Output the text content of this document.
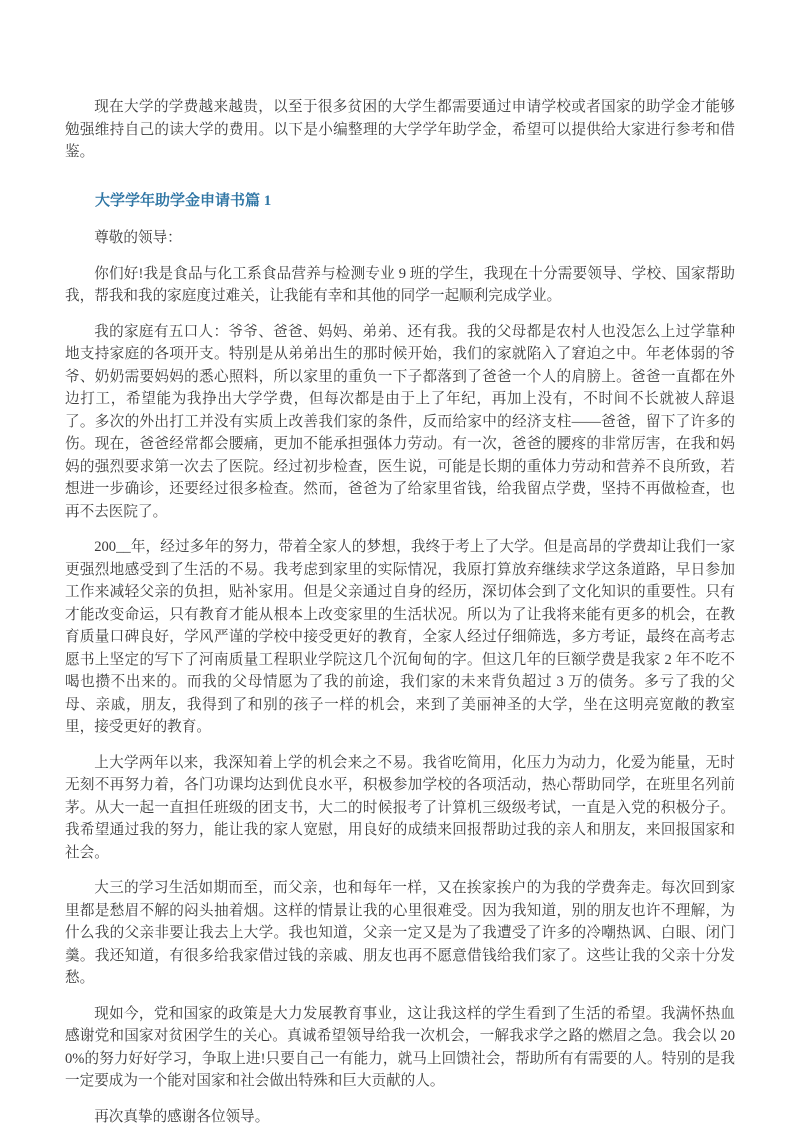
现在大学的学费越来越贵，以至于很多贫困的大学生都需要通过申请学校或者国家的助学金才能够勉强维持自己的读大学的费用。以下是小编整理的大学学年助学金，希望可以提供给大家进行参考和借鉴。

大学学年助学金申请书篇 1

尊敬的领导：

你们好!我是食品与化工系食品营养与检测专业 9 班的学生，我现在十分需要领导、学校、国家帮助我，帮我和我的家庭度过难关，让我能有幸和其他的同学一起顺利完成学业。

我的家庭有五口人：爷爷、爸爸、妈妈、弟弟、还有我。我的父母都是农村人也没怎么上过学靠种地支持家庭的各项开支。特别是从弟弟出生的那时候开始，我们的家就陷入了窘迫之中。年老体弱的爷爷、奶奶需要妈妈的悉心照料，所以家里的重负一下子都落到了爸爸一个人的肩膀上。爸爸一直都在外边打工，希望能为我挣出大学学费，但每次都是由于上了年纪，再加上没有，不时间不长就被人辞退了。多次的外出打工并没有实质上改善我们家的条件，反而给家中的经济支柱——爸爸，留下了许多的伤。现在，爸爸经常都会腰痛，更加不能承担强体力劳动。有一次，爸爸的腰疼的非常厉害，在我和妈妈的强烈要求第一次去了医院。经过初步检查，医生说，可能是长期的重体力劳动和营养不良所致，若想进一步确诊，还要经过很多检查。然而，爸爸为了给家里省钱，给我留点学费，坚持不再做检查，也再不去医院了。

200__年，经过多年的努力，带着全家人的梦想，我终于考上了大学。但是高昂的学费却让我们一家更强烈地感受到了生活的不易。我考虑到家里的实际情况，我原打算放弃继续求学这条道路，早日参加工作来减轻父亲的负担，贴补家用。但是父亲通过自身的经历，深切体会到了文化知识的重要性。只有才能改变命运，只有教育才能从根本上改变家里的生活状况。所以为了让我将来能有更多的机会，在教育质量口碑良好，学风严谨的学校中接受更好的教育，全家人经过仔细筛选，多方考证，最终在高考志愿书上坚定的写下了河南质量工程职业学院这几个沉甸甸的字。但这几年的巨额学费是我家 2 年不吃不喝也攒不出来的。而我的父母情愿为了我的前途，我们家的未来背负超过 3 万的债务。多亏了我的父母、亲戚，朋友，我得到了和别的孩子一样的机会，来到了美丽神圣的大学，坐在这明亮宽敞的教室里，接受更好的教育。

上大学两年以来，我深知着上学的机会来之不易。我省吃简用，化压力为动力，化爱为能量，无时无刻不再努力着，各门功课均达到优良水平，积极参加学校的各项活动，热心帮助同学，在班里名列前茅。从大一起一直担任班级的团支书，大二的时候报考了计算机三级级考试，一直是入党的积极分子。我希望通过我的努力，能让我的家人宽慰，用良好的成绩来回报帮助过我的亲人和朋友，来回报国家和社会。

大三的学习生活如期而至，而父亲，也和每年一样，又在挨家挨户的为我的学费奔走。每次回到家里都是愁眉不解的闷头抽着烟。这样的情景让我的心里很难受。因为我知道，别的朋友也许不理解，为什么我的父亲非要让我去上大学。我也知道，父亲一定又是为了我遭受了许多的冷嘲热讽、白眼、闭门羹。我还知道，有很多给我家借过钱的亲戚、朋友也再不愿意借钱给我们家了。这些让我的父亲十分发愁。

现如今，党和国家的政策是大力发展教育事业，这让我这样的学生看到了生活的希望。我满怀热血感谢党和国家对贫困学生的关心。真诚希望领导给我一次机会，一解我求学之路的燃眉之急。我会以 200%的努力好好学习，争取上进!只要自己一有能力，就马上回馈社会，帮助所有有需要的人。特别的是我一定要成为一个能对国家和社会做出特殊和巨大贡献的人。

再次真挚的感谢各位领导。
